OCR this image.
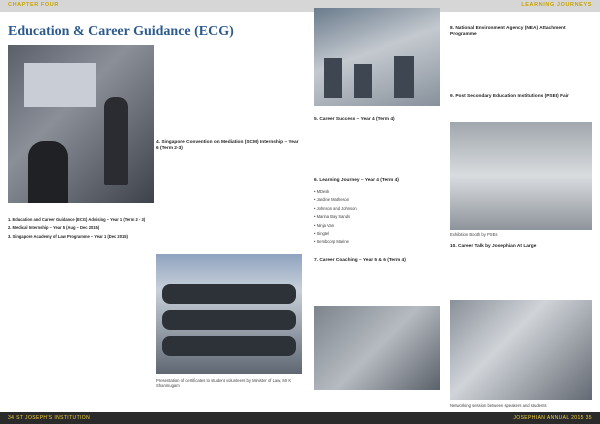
CHAPTER FOUR	LEARNING JOURNEYS
Education & Career Guidance (ECG)

1. Education and Career Guidance (ECG) Advising – Year 1 (Term 2 - 3)

2. Medical Internship – Year 5 (Aug – Dec 2015)

3. Singapore Academy of Law Programme – Year 1 (Dec 2015)

4. Singapore Convention on Mediation (SCM) Internship – Year 6 (Term 2-3)
Presentation of certificates to student volunteers by Minister of Law, Mr K Shanmugam
5. Career Success – Year 4 (Term 4)
6. Learning Journey – Year 4 (Term 4)

• MDesk

• Jardine Matheson

• Johnson and Johnson

• Marina Bay Sands

• Ninja Van

• Singtel

• Sembcorp Marine

7. Career Coaching – Year 5 & 6 (Term 4)
8. National Environment Agency (NEA) Attachment Programme
9. Post Secondary Education Institutions (PSEI) Fair
Exhibition Booth by PSEs
10. Career Talk by Josephian At Large
Networking session between speakers and students
34 ST JOSEPH'S INSTITUTION	JOSEPHIAN ANNUAL 2015 35
